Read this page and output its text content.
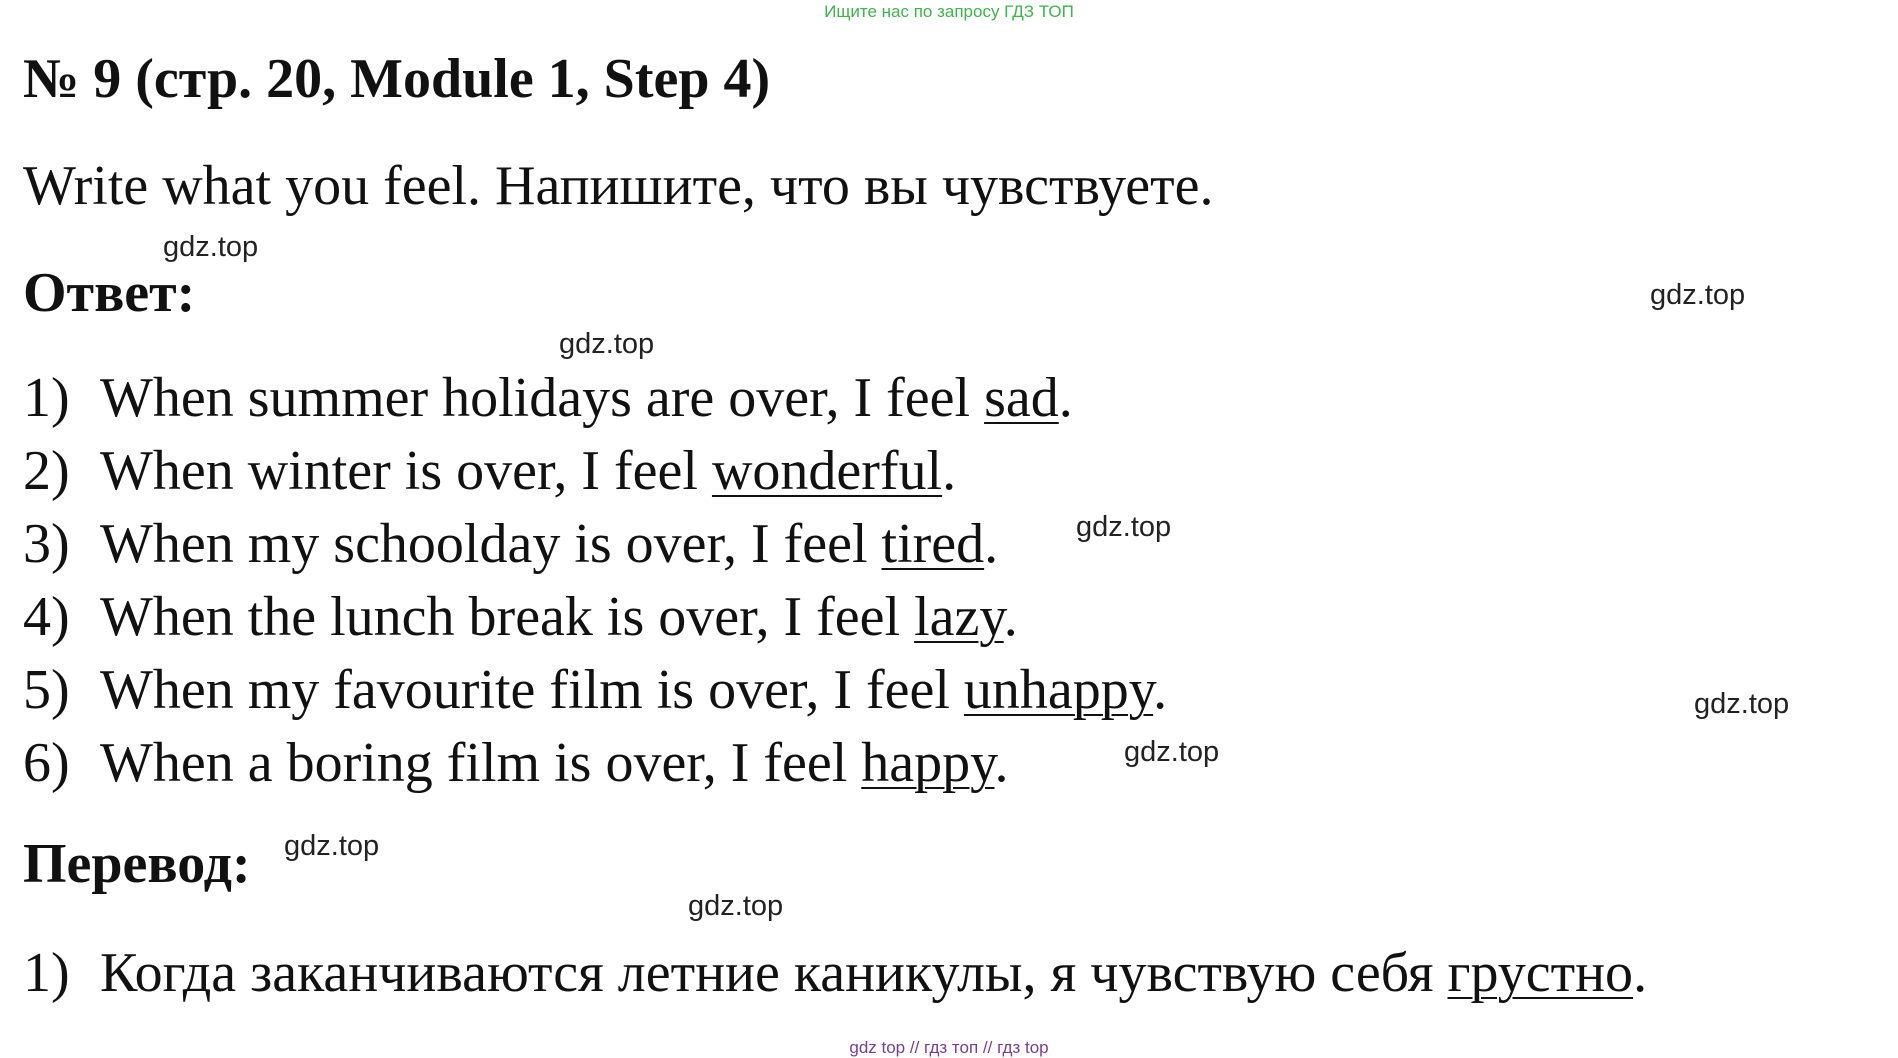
Ищите нас по запросу ГДЗ ТОП
№ 9 (стр. 20, Module 1, Step 4)
Write what you feel. Напишите, что вы чувствуете.
Ответ:
1) When summer holidays are over, I feel sad.
2) When winter is over, I feel wonderful.
3) When my schoolday is over, I feel tired.
4) When the lunch break is over, I feel lazy.
5) When my favourite film is over, I feel unhappy.
6) When a boring film is over, I feel happy.
Перевод:
1) Когда заканчиваются летние каникулы, я чувствую себя грустно.
gdz.top
gdz.top
gdz.top
gdz.top
gdz.top
gdz.top
gdz.top
gdz.top
gdz top // гдз топ // гдз top
